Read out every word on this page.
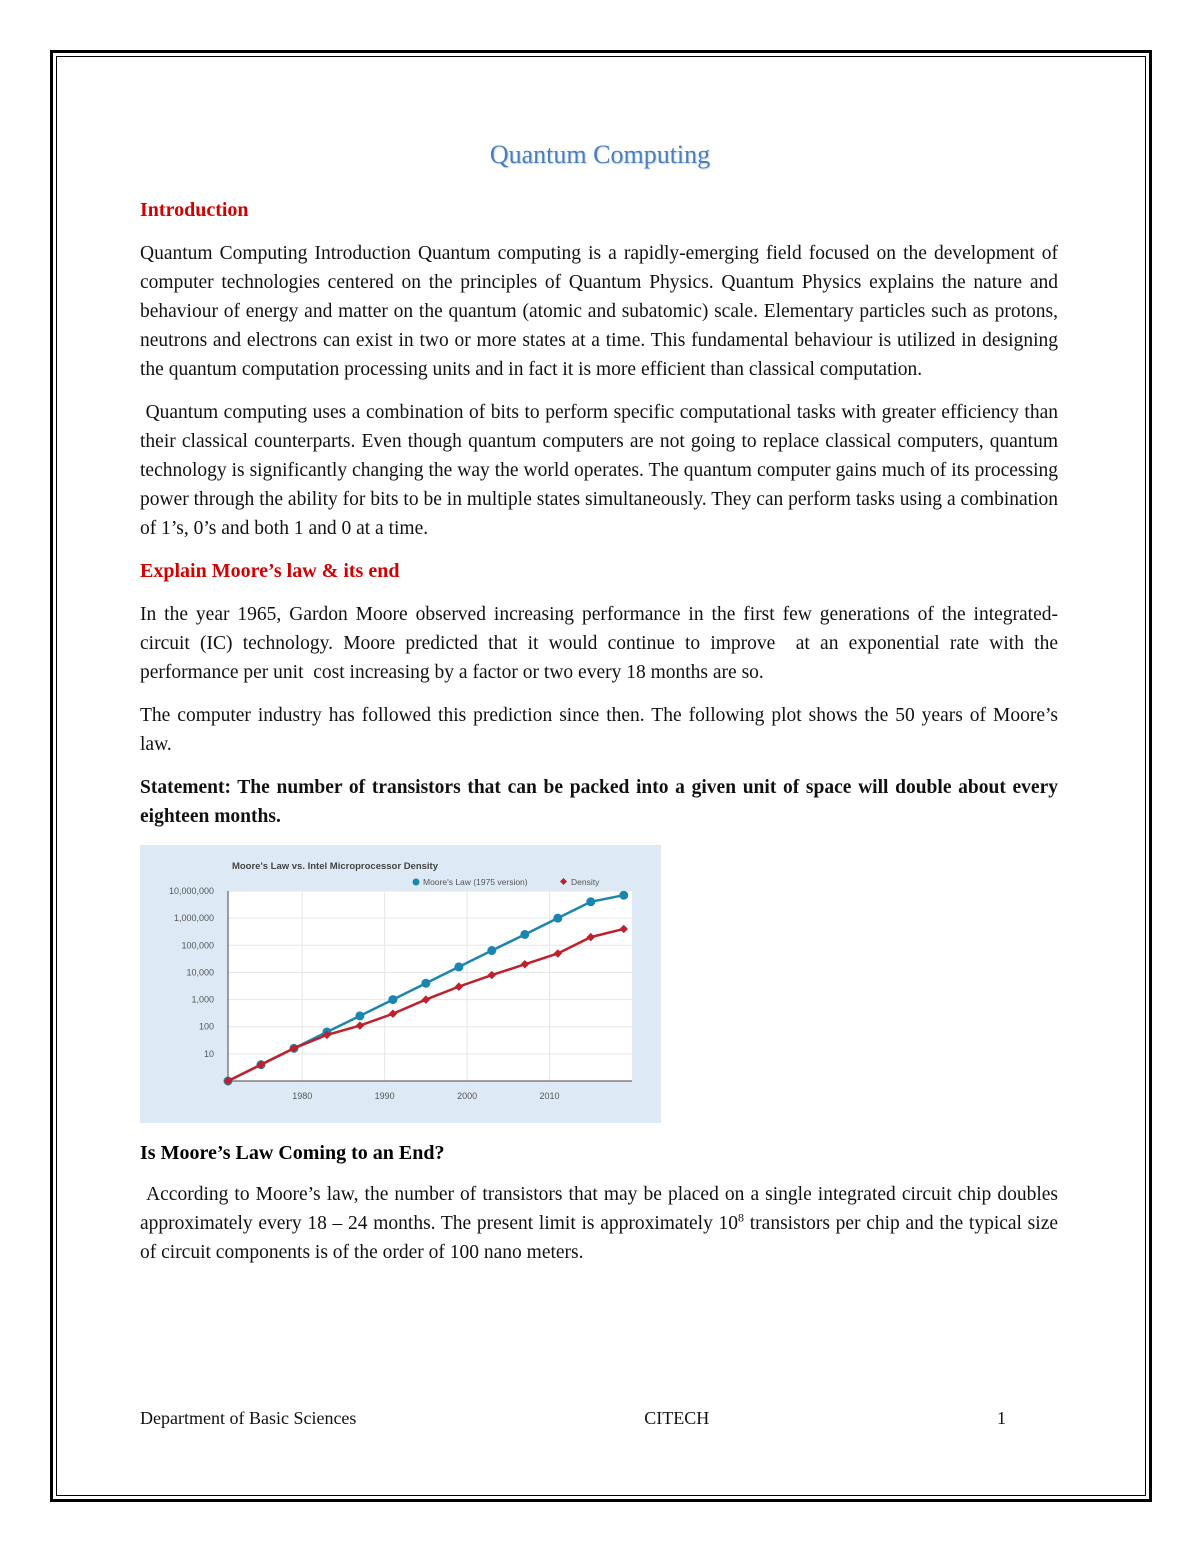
Quantum Computing
Introduction

Quantum Computing Introduction Quantum computing is a rapidly-emerging field focused on the development of computer technologies centered on the principles of Quantum Physics. Quantum Physics explains the nature and behaviour of energy and matter on the quantum (atomic and subatomic) scale. Elementary particles such as protons, neutrons and electrons can exist in two or more states at a time. This fundamental behaviour is utilized in designing the quantum computation processing units and in fact it is more efficient than classical computation.

Quantum computing uses a combination of bits to perform specific computational tasks with greater efficiency than their classical counterparts. Even though quantum computers are not going to replace classical computers, quantum technology is significantly changing the way the world operates. The quantum computer gains much of its processing power through the ability for bits to be in multiple states simultaneously. They can perform tasks using a combination of 1’s, 0’s and both 1 and 0 at a time.

Explain Moore’s law & its end

In the year 1965, Gardon Moore observed increasing performance in the first few generations of the integrated- circuit (IC) technology. Moore predicted that it would continue to improve  at an exponential rate with the performance per unit  cost increasing by a factor or two every 18 months are so.

The computer industry has followed this prediction since then. The following plot shows the 50 years of Moore’s law.

Statement: The number of transistors that can be packed into a given unit of space will double about every eighteen months.

10,000,000
1,000,000
100,000
10,000
1,000
100
10
1980	1990	2000	2010
Moore's Law vs. Intel Microprocessor Density
Moore's Law (1975 version)	Density
Is Moore’s Law Coming to an End?

According to Moore’s law, the number of transistors that may be placed on a single integrated circuit chip doubles approximately every 18 – 24 months. The present limit is approximately $10^8$ transistors per chip and the typical size of circuit components is of the order of 100 nano meters.

Department of Basic Sciences	CITECH	1
